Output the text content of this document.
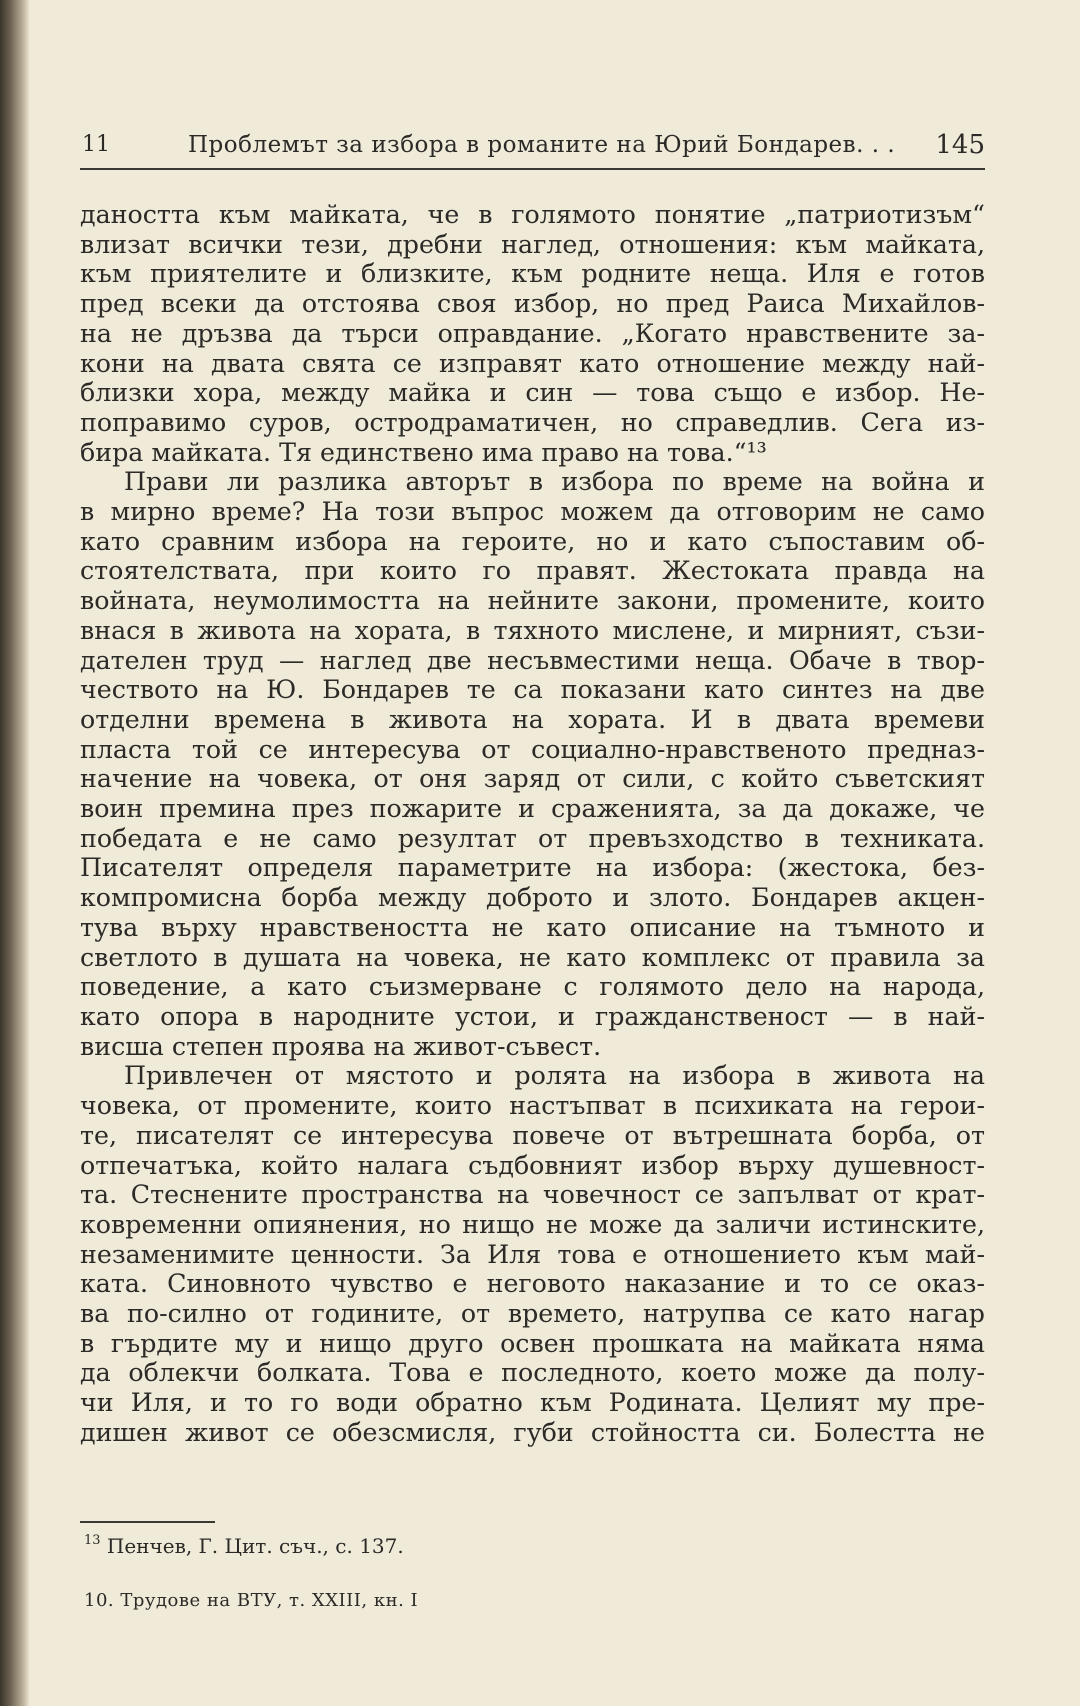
11	Проблемът за избора в романите на Юрий Бондарев. . . 145

даността към майката, че в голямото понятие „патриотизъм“
влизат всички тези, дребни наглед, отношения: към майката,
към приятелите и близките, към родните неща. Иля е готов
пред всеки да отстоява своя избор, но пред Раиса Михайлов-
на не дръзва да търси оправдание. „Когато нравствените за-
кони на двата свята се изправят като отношение между най-
близки хора, между майка и син — това също е избор. Не-
поправимо суров, остродраматичен, но справедлив. Сега из-
бира майката. Тя единствено има право на това.“¹³

Прави ли разлика авторът в избора по време на война и
в мирно време? На този въпрос можем да отговорим не само
като сравним избора на героите, но и като съпоставим об-
стоятелствата, при които го правят. Жестоката правда на
войната, неумолимостта на нейните закони, промените, които
внася в живота на хората, в тяхното мислене, и мирният, съзи-
дателен труд — наглед две несъвместими неща. Обаче в твор-
чеството на Ю. Бондарев те са показани като синтез на две
отделни времена в живота на хората. И в двата времеви
пласта той се интересува от социално-нравственото предназ-
начение на човека, от оня заряд от сили, с който съветският
воин премина през пожарите и сраженията, за да докаже, че
победата е не само резултат от превъзходство в техниката.
Писателят определя параметрите на избора: (жестока, без-
компромисна борба между доброто и злото. Бондарев акцен-
тува върху нравствеността не като описание на тъмното и
светлото в душата на човека, не като комплекс от правила за
поведение, а като съизмерване с голямото дело на народа,
като опора в народните устои, и гражданственост — в най-
висша степен проява на живот-съвест.

Привлечен от мястото и ролята на избора в живота на
човека, от промените, които настъпват в психиката на герои-
те, писателят се интересува повече от вътрешната борба, от
отпечатъка, който налага съдбовният избор върху душевност-
та. Стеснените пространства на човечност се запълват от крат-
ковременни опиянения, но нищо не може да заличи истинските,
незаменимите ценности. За Иля това е отношението към май-
ката. Синовното чувство е неговото наказание и то се оказ-
ва по-силно от годините, от времето, натрупва се като нагар
в гърдите му и нищо друго освен прошката на майката няма
да облекчи болката. Това е последното, което може да полу-
чи Иля, и то го води обратно към Родината. Целият му пре-
дишен живот се обезсмисля, губи стойността си. Болестта не

$^{13}$ Пенчев, Г. Цит. съч., с. 137.
10. Трудове на ВТУ, т. XXIII, кн. I
